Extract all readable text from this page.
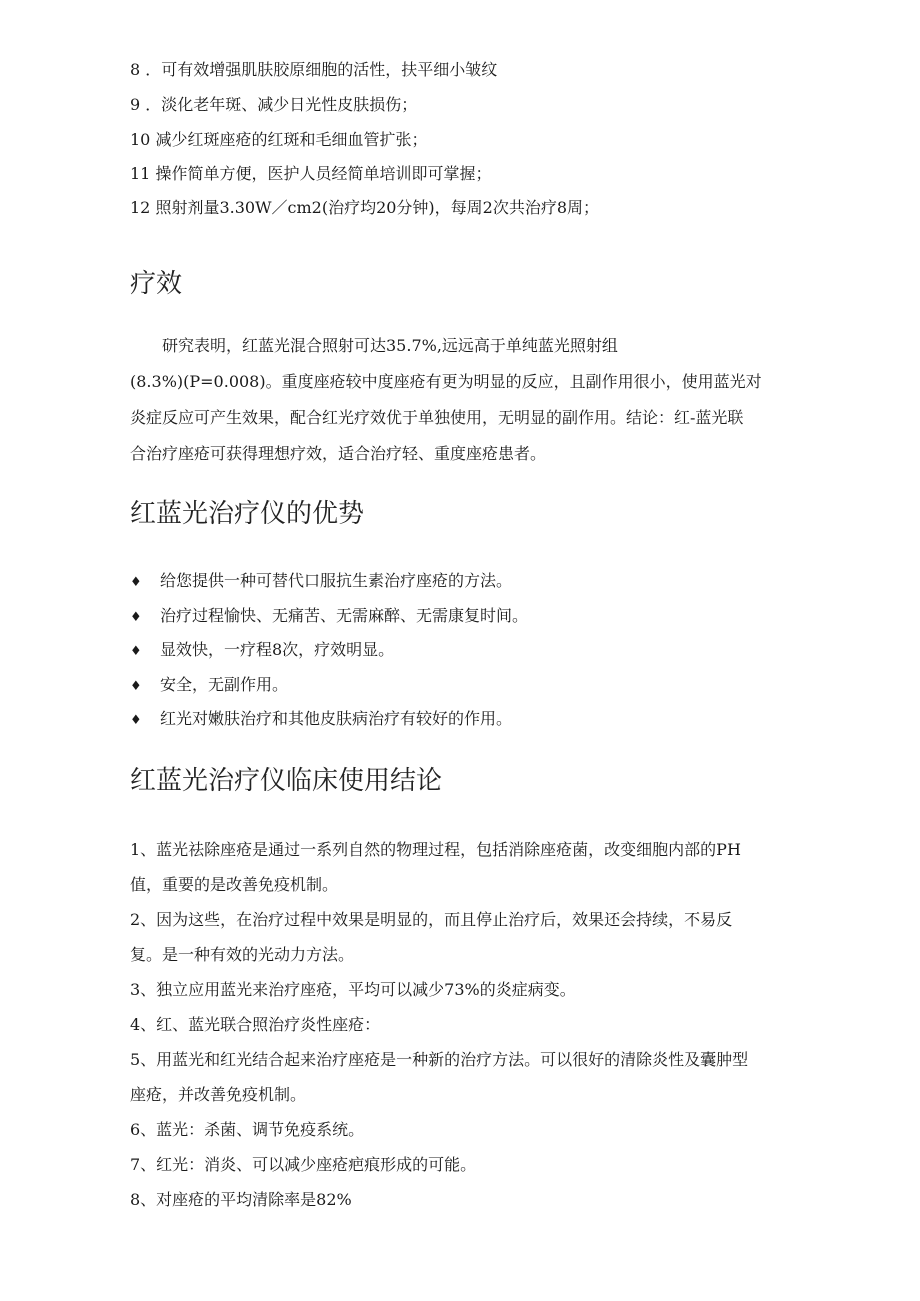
8 ．可有效增强肌肤胶原细胞的活性，扶平细小皱纹
9 ．淡化老年斑、减少日光性皮肤损伤；
10 减少红斑座疮的红斑和毛细血管扩张；
11 操作简单方便，医护人员经简单培训即可掌握；
12 照射剂量3.30W／cm2(治疗均20分钟)，每周2次共治疗8周；
疗效
　　研究表明，红蓝光混合照射可达35.7%,远远高于单纯蓝光照射组
(8.3%)(P=0.008)。重度座疮较中度座疮有更为明显的反应，且副作用很小，使用蓝光对
炎症反应可产生效果，配合红光疗效优于单独使用，无明显的副作用。结论：红-蓝光联
合治疗座疮可获得理想疗效，适合治疗轻、重度座疮患者。
红蓝光治疗仪的优势
♦ 给您提供一种可替代口服抗生素治疗座疮的方法。
♦ 治疗过程愉快、无痛苦、无需麻醉、无需康复时间。
♦ 显效快，一疗程8次，疗效明显。
♦ 安全，无副作用。
♦ 红光对嫩肤治疗和其他皮肤病治疗有较好的作用。
红蓝光治疗仪临床使用结论
1、蓝光祛除座疮是通过一系列自然的物理过程，包括消除座疮菌，改变细胞内部的PH
值，重要的是改善免疫机制。
2、因为这些，在治疗过程中效果是明显的，而且停止治疗后，效果还会持续，不易反
复。是一种有效的光动力方法。
3、独立应用蓝光来治疗座疮，平均可以减少73%的炎症病变。
4、红、蓝光联合照治疗炎性座疮：
5、用蓝光和红光结合起来治疗座疮是一种新的治疗方法。可以很好的清除炎性及囊肿型
座疮，并改善免疫机制。
6、蓝光：杀菌、调节免疫系统。
7、红光：消炎、可以减少座疮疤痕形成的可能。
8、对座疮的平均清除率是82%
